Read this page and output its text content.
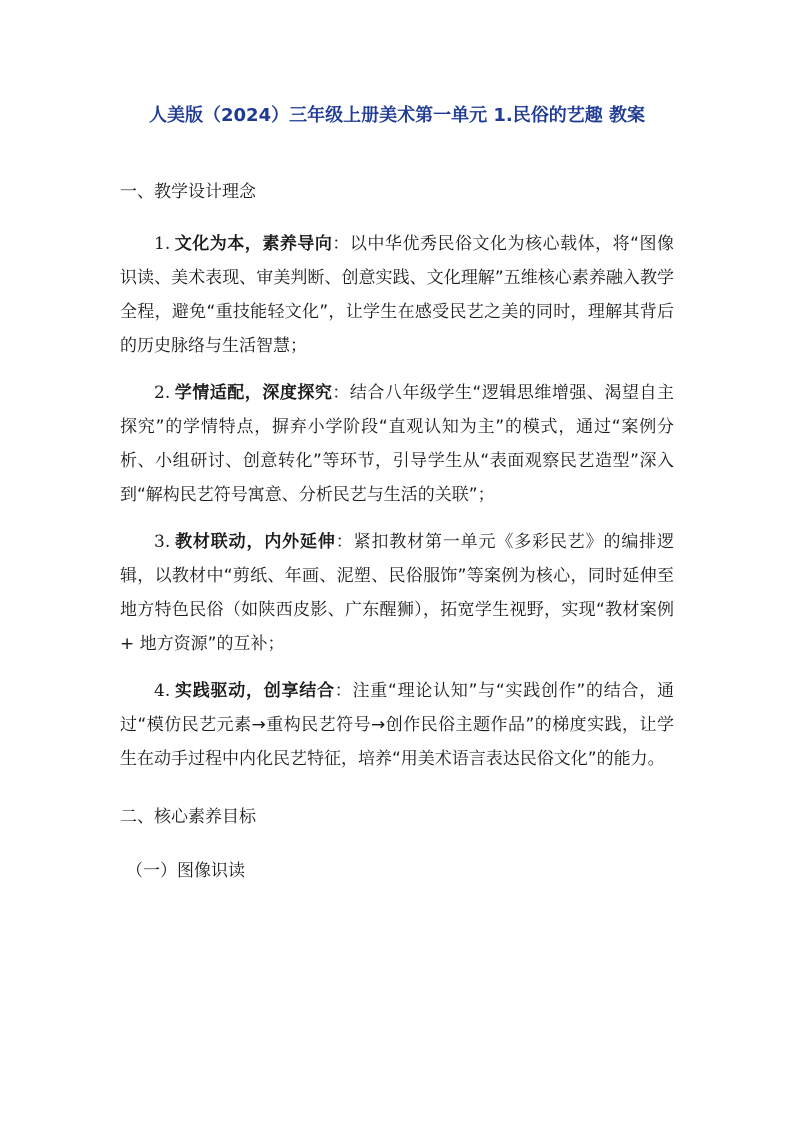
人美版（2024）三年级上册美术第一单元 1.民俗的艺趣 教案
一、教学设计理念

1. 文化为本，素养导向：以中华优秀民俗文化为核心载体，将“图像识读、美术表现、审美判断、创意实践、文化理解”五维核心素养融入教学全程，避免“重技能轻文化”，让学生在感受民艺之美的同时，理解其背后的历史脉络与生活智慧；

2. 学情适配，深度探究：结合八年级学生“逻辑思维增强、渴望自主探究”的学情特点，摒弃小学阶段“直观认知为主”的模式，通过“案例分析、小组研讨、创意转化”等环节，引导学生从“表面观察民艺造型”深入到“解构民艺符号寓意、分析民艺与生活的关联”；

3. 教材联动，内外延伸：紧扣教材第一单元《多彩民艺》的编排逻辑，以教材中“剪纸、年画、泥塑、民俗服饰”等案例为核心，同时延伸至地方特色民俗（如陕西皮影、广东醒狮），拓宽学生视野，实现“教材案例 + 地方资源”的互补；

4. 实践驱动，创享结合：注重“理论认知”与“实践创作”的结合，通过“模仿民艺元素→重构民艺符号→创作民俗主题作品”的梯度实践，让学生在动手过程中内化民艺特征，培养“用美术语言表达民俗文化”的能力。

二、核心素养目标
（一）图像识读
